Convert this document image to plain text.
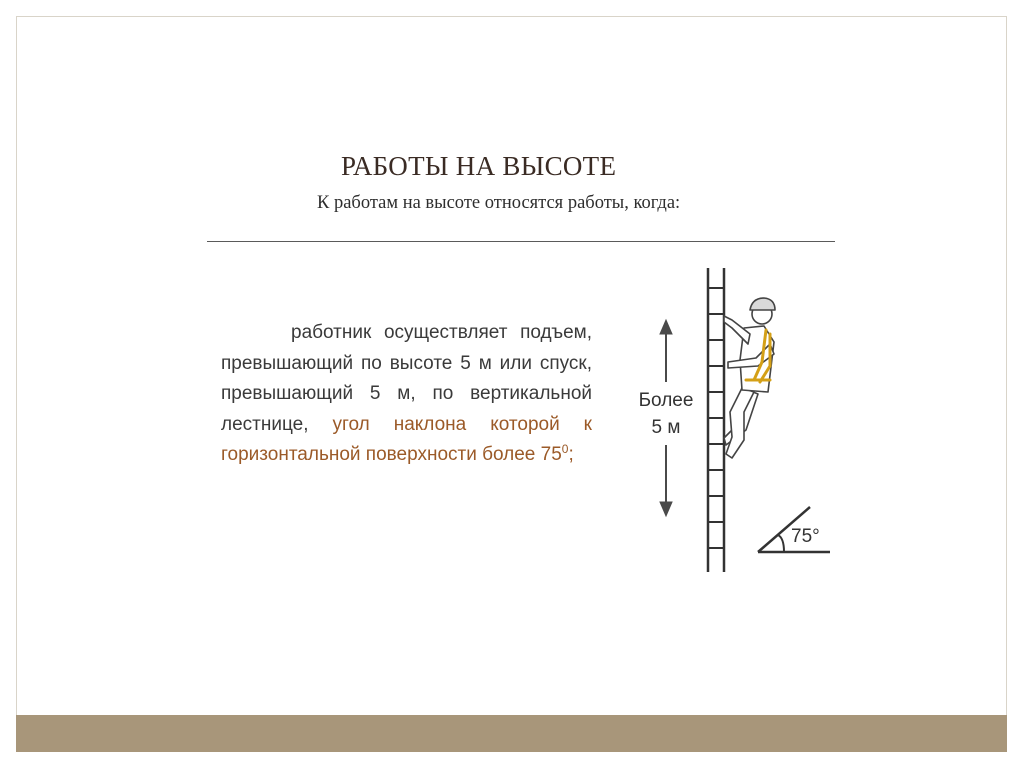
РАБОТЫ НА ВЫСОТЕ
К работам на высоте относятся работы, когда:

работник осуществляет подъем, превышающий по высоте 5 м или спуск, превышающий 5 м, по вертикальной лестнице, угол наклона которой к горизонтальной поверхности более $75^0$;

Более
5 м
75°
